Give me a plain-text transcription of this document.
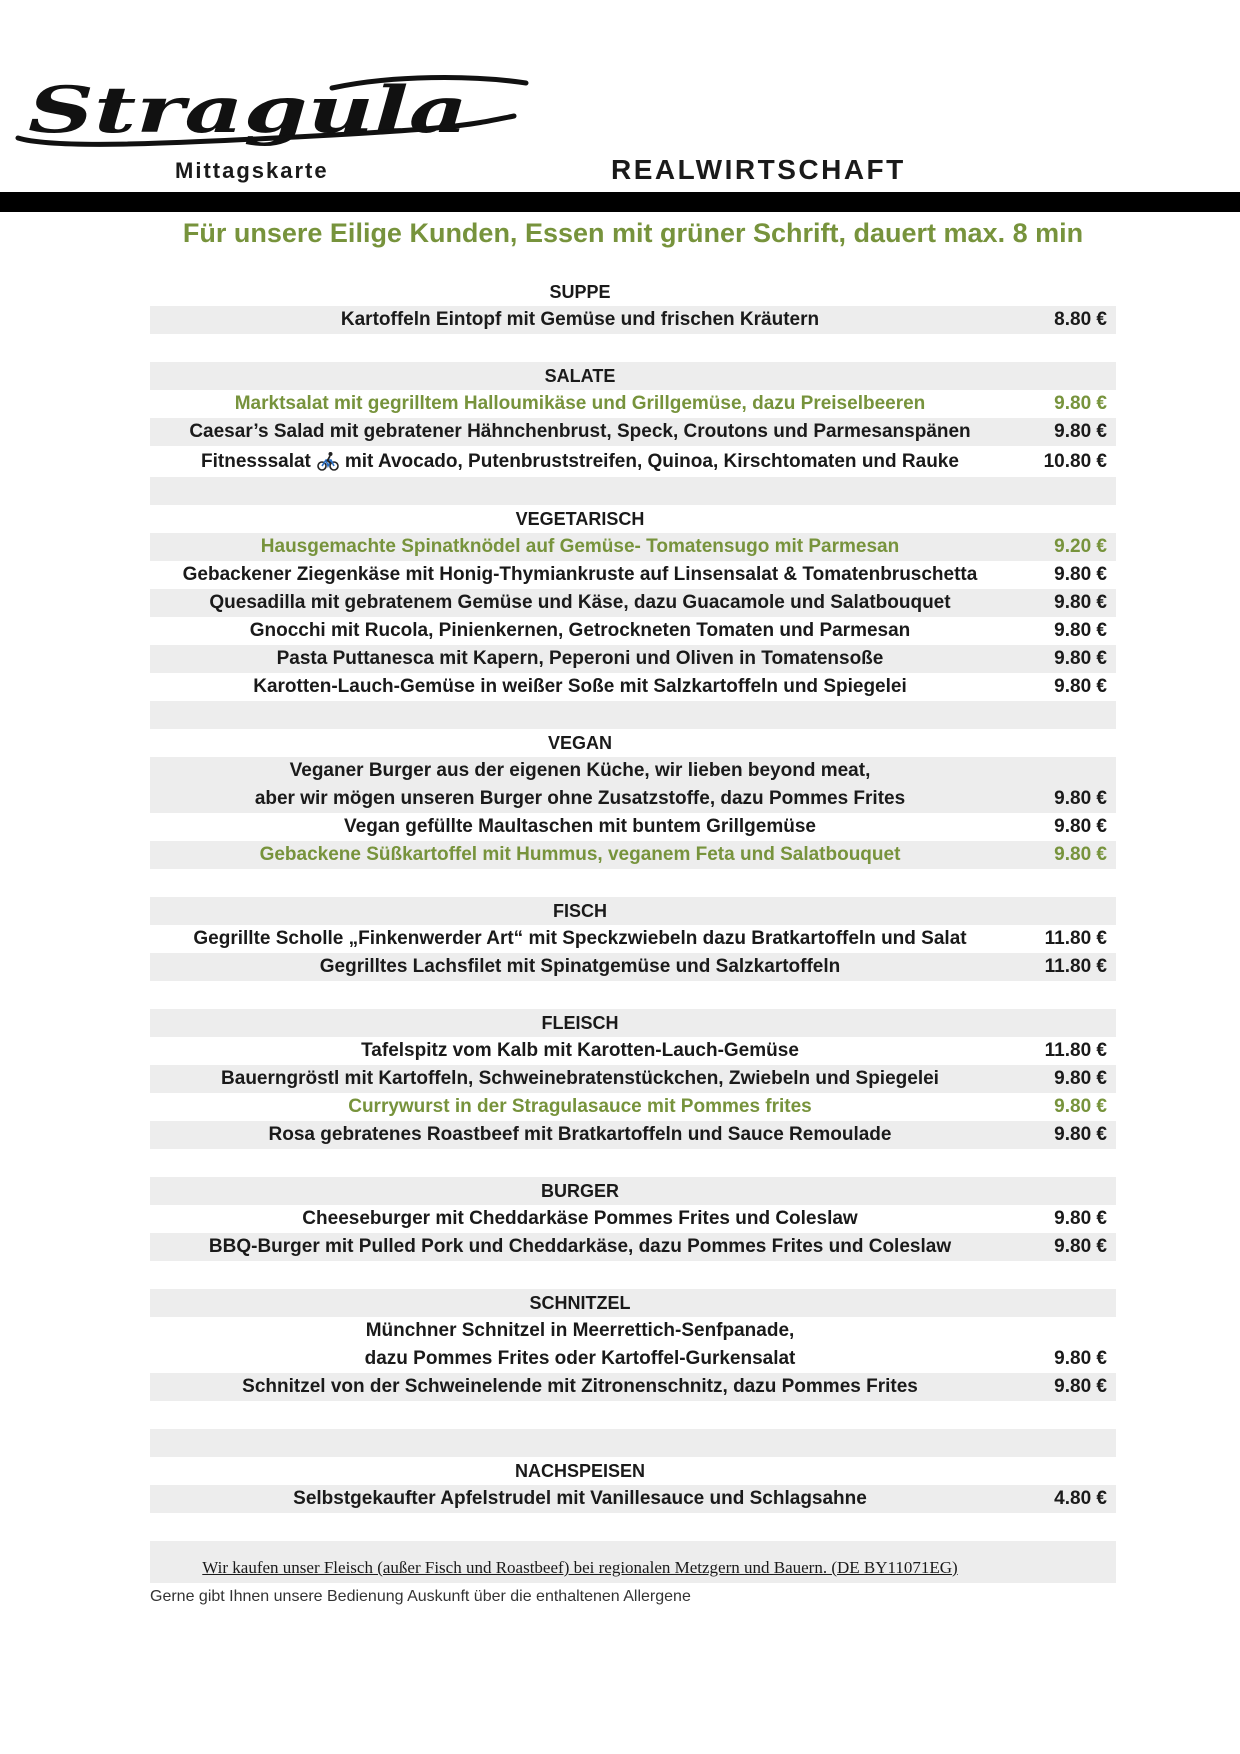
Stragula
Mittagskarte	REALWIRTSCHAFT
Für unsere Eilige Kunden, Essen mit grüner Schrift, dauert max. 8 min
SUPPE
Kartoffeln Eintopf mit Gemüse und frischen Kräutern	8.80 €
SALATE
Marktsalat mit gegrilltem Halloumikäse und Grillgemüse, dazu Preiselbeeren	9.80 €
Caesar’s Salad mit gebratener Hähnchenbrust, Speck, Croutons und Parmesanspänen	9.80 €
Fitnesssalat mit Avocado, Putenbruststreifen, Quinoa, Kirschtomaten und Rauke	10.80 €
VEGETARISCH
Hausgemachte Spinatknödel auf Gemüse- Tomatensugo mit Parmesan	9.20 €
Gebackener Ziegenkäse mit Honig-Thymiankruste auf Linsensalat & Tomatenbruschetta	9.80 €
Quesadilla mit gebratenem Gemüse und Käse, dazu Guacamole und Salatbouquet	9.80 €
Gnocchi mit Rucola, Pinienkernen, Getrockneten Tomaten und Parmesan	9.80 €
Pasta Puttanesca mit Kapern, Peperoni und Oliven in Tomatensoße	9.80 €
Karotten-Lauch-Gemüse in weißer Soße mit Salzkartoffeln und Spiegelei	9.80 €
VEGAN
Veganer Burger aus der eigenen Küche, wir lieben beyond meat,
aber wir mögen unseren Burger ohne Zusatzstoffe, dazu Pommes Frites	9.80 €
Vegan gefüllte Maultaschen mit buntem Grillgemüse	9.80 €
Gebackene Süßkartoffel mit Hummus, veganem Feta und Salatbouquet	9.80 €
FISCH
Gegrillte Scholle „Finkenwerder Art“ mit Speckzwiebeln dazu Bratkartoffeln und Salat	11.80 €
Gegrilltes Lachsfilet mit Spinatgemüse und Salzkartoffeln	11.80 €
FLEISCH
Tafelspitz vom Kalb mit Karotten-Lauch-Gemüse	11.80 €
Bauerngröstl mit Kartoffeln, Schweinebratenstückchen, Zwiebeln und Spiegelei	9.80 €
Currywurst in der Stragulasauce mit Pommes frites	9.80 €
Rosa gebratenes Roastbeef mit Bratkartoffeln und Sauce Remoulade	9.80 €
BURGER
Cheeseburger mit Cheddarkäse Pommes Frites und Coleslaw	9.80 €
BBQ-Burger mit Pulled Pork und Cheddarkäse, dazu Pommes Frites und Coleslaw	9.80 €
SCHNITZEL
Münchner Schnitzel in Meerrettich-Senfpanade,
dazu Pommes Frites oder Kartoffel-Gurkensalat	9.80 €
Schnitzel von der Schweinelende mit Zitronenschnitz, dazu Pommes Frites	9.80 €
NACHSPEISEN
Selbstgekaufter Apfelstrudel mit Vanillesauce und Schlagsahne	4.80 €
Wir kaufen unser Fleisch (außer Fisch und Roastbeef) bei regionalen Metzgern und Bauern. (DE BY11071EG)
Gerne gibt Ihnen unsere Bedienung Auskunft über die enthaltenen Allergene
